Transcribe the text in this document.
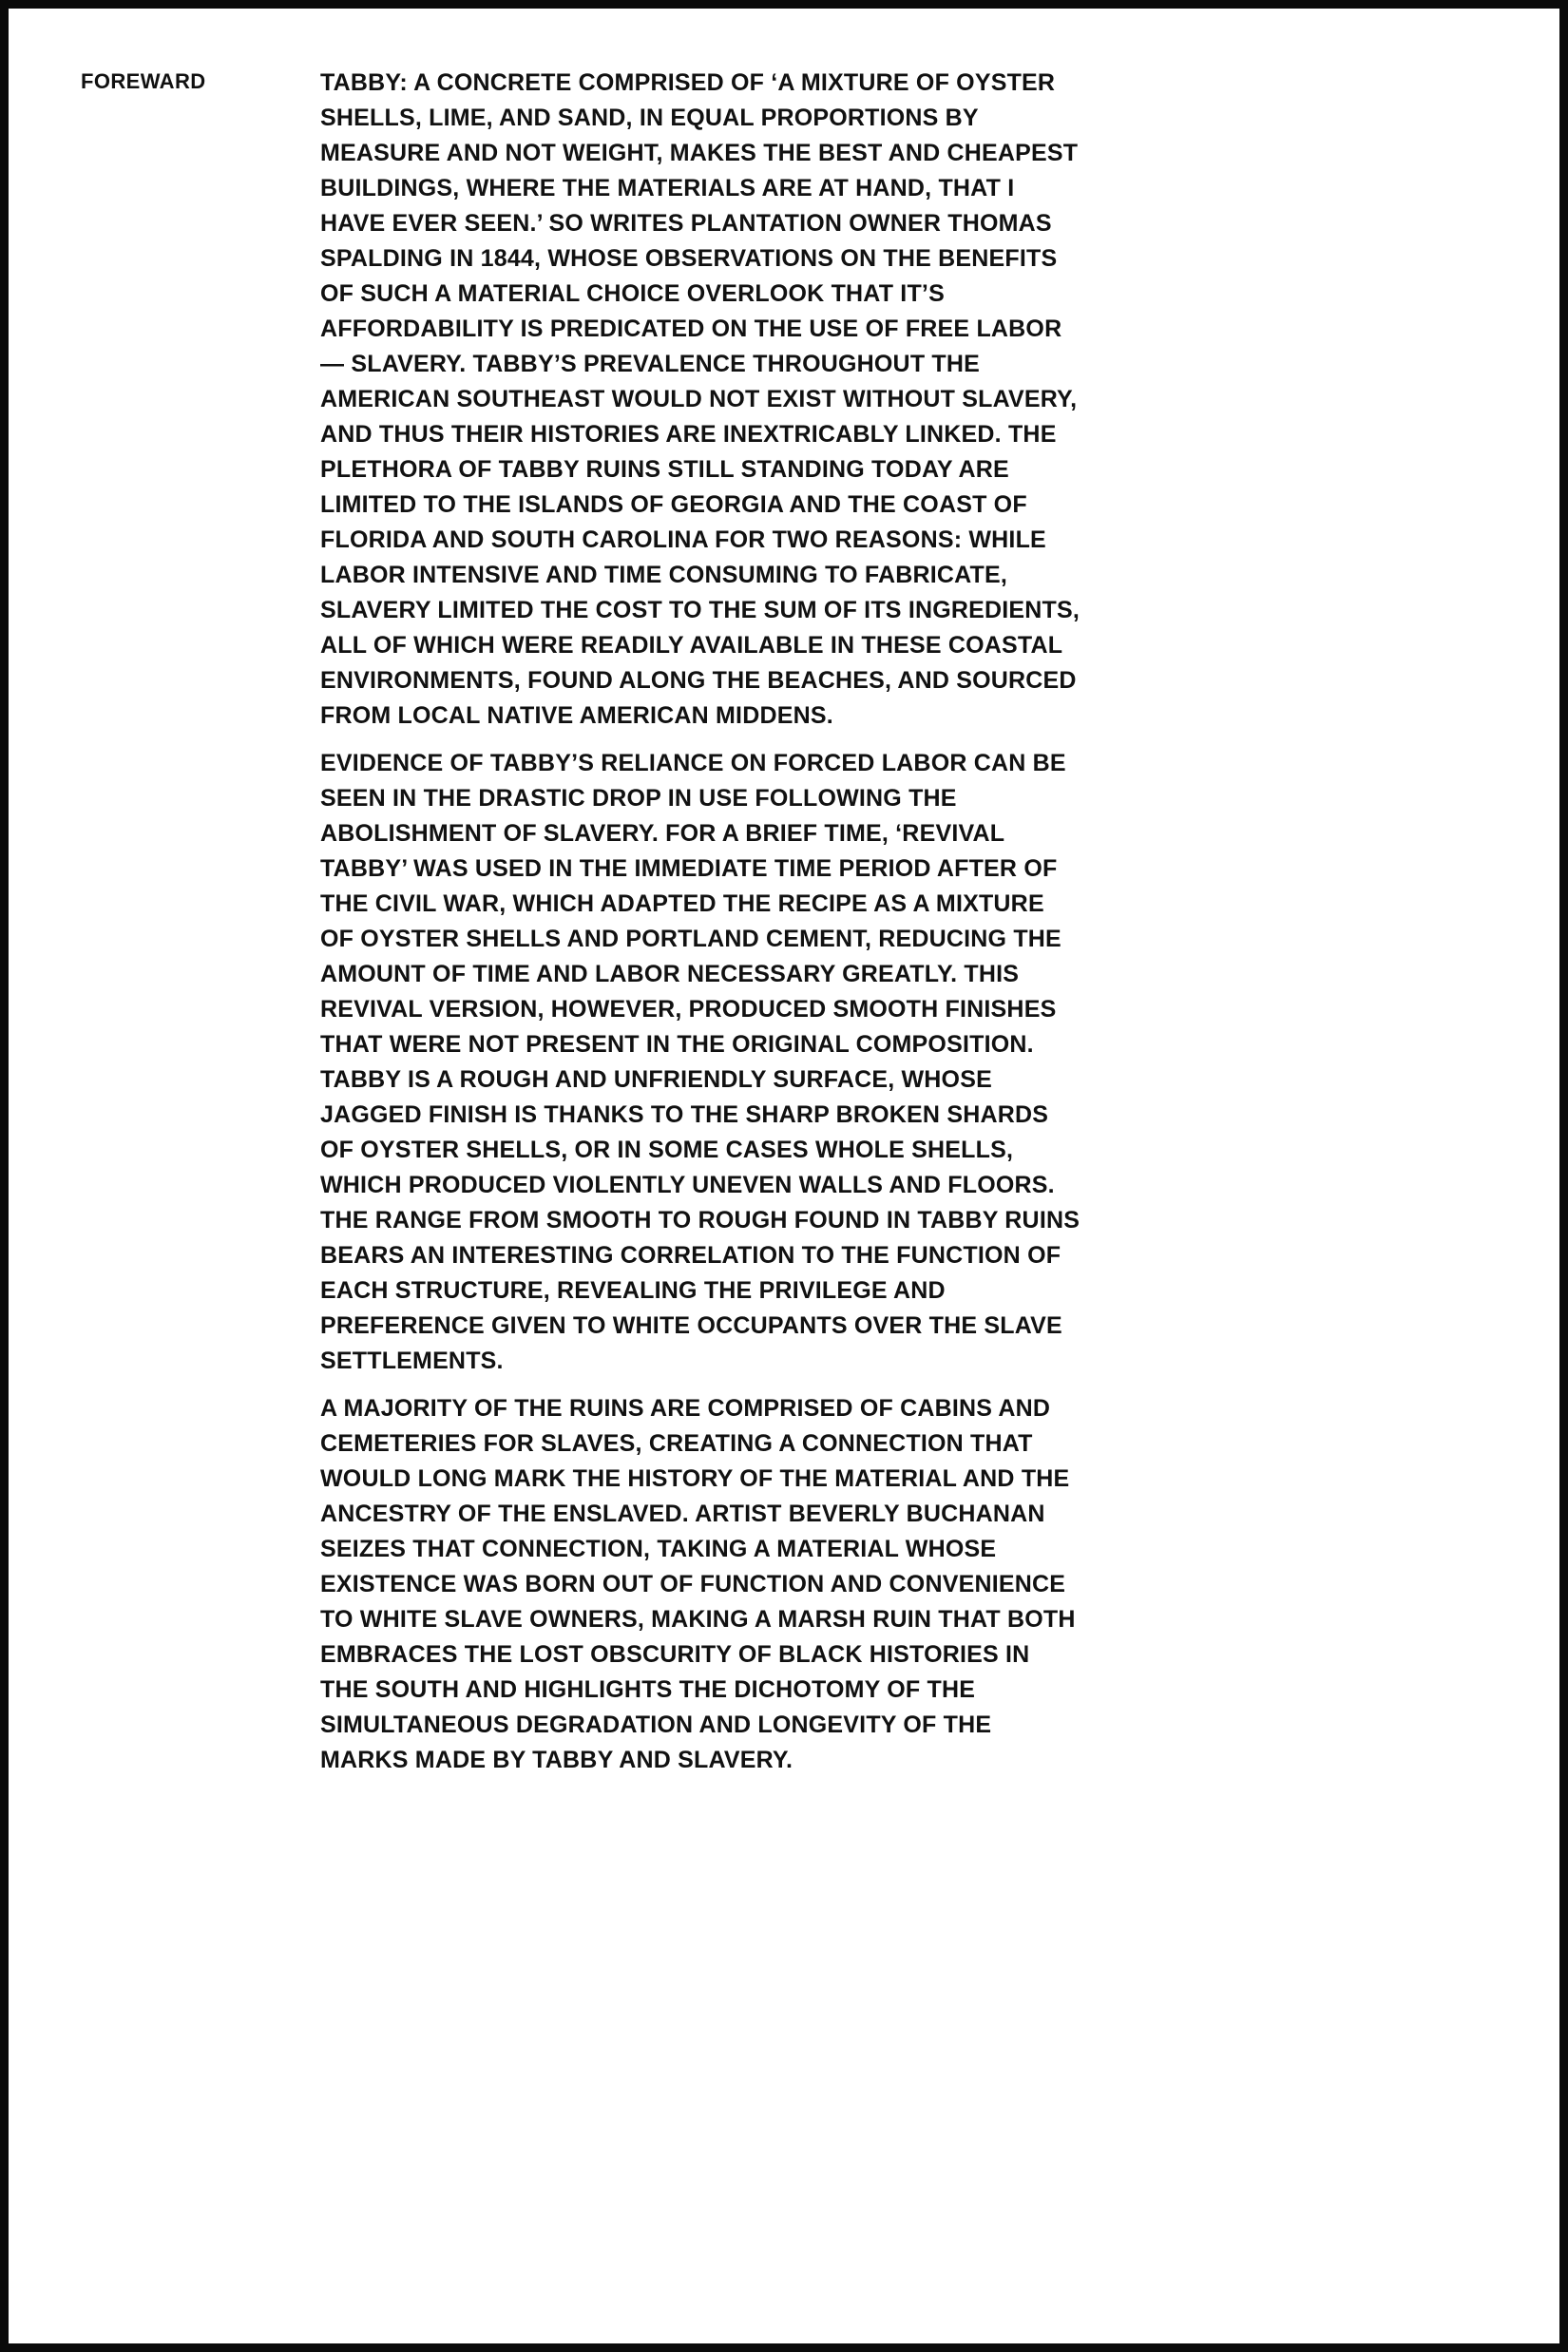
FOREWARD	TABBY: A CONCRETE COMPRISED OF ‘A MIXTURE OF OYSTER SHELLS, LIME, AND SAND, IN EQUAL PROPORTIONS BY MEASURE AND NOT WEIGHT, MAKES THE BEST AND CHEAPEST BUILDINGS, WHERE THE MATERIALS ARE AT HAND, THAT I HAVE EVER SEEN.’ SO WRITES PLANTATION OWNER THOMAS SPALDING IN 1844, WHOSE OBSERVATIONS ON THE BENEFITS OF SUCH A MATERIAL CHOICE OVERLOOK THAT IT’S AFFORDABILITY IS PREDICATED ON THE USE OF FREE LABOR — SLAVERY. TABBY’S PREVALENCE THROUGHOUT THE AMERICAN SOUTHEAST WOULD NOT EXIST WITHOUT SLAVERY, AND THUS THEIR HISTORIES ARE INEXTRICABLY LINKED. THE PLETHORA OF TABBY RUINS STILL STANDING TODAY ARE LIMITED TO THE ISLANDS OF GEORGIA AND THE COAST OF FLORIDA AND SOUTH CAROLINA FOR TWO REASONS: WHILE LABOR INTENSIVE AND TIME CONSUMING TO FABRICATE, SLAVERY LIMITED THE COST TO THE SUM OF ITS INGREDIENTS, ALL OF WHICH WERE READILY AVAILABLE IN THESE COASTAL ENVIRONMENTS, FOUND ALONG THE BEACHES, AND SOURCED FROM LOCAL NATIVE AMERICAN MIDDENS.

EVIDENCE OF TABBY’S RELIANCE ON FORCED LABOR CAN BE SEEN IN THE DRASTIC DROP IN USE FOLLOWING THE ABOLISHMENT OF SLAVERY. FOR A BRIEF TIME, ‘REVIVAL TABBY’ WAS USED IN THE IMMEDIATE TIME PERIOD AFTER OF THE CIVIL WAR, WHICH ADAPTED THE RECIPE AS A MIXTURE OF OYSTER SHELLS AND PORTLAND CEMENT, REDUCING THE AMOUNT OF TIME AND LABOR NECESSARY GREATLY. THIS REVIVAL VERSION, HOWEVER, PRODUCED SMOOTH FINISHES THAT WERE NOT PRESENT IN THE ORIGINAL COMPOSITION. TABBY IS A ROUGH AND UNFRIENDLY SURFACE, WHOSE JAGGED FINISH IS THANKS TO THE SHARP BROKEN SHARDS OF OYSTER SHELLS, OR IN SOME CASES WHOLE SHELLS, WHICH PRODUCED VIOLENTLY UNEVEN WALLS AND FLOORS. THE RANGE FROM SMOOTH TO ROUGH FOUND IN TABBY RUINS BEARS AN INTERESTING CORRELATION TO THE FUNCTION OF EACH STRUCTURE, REVEALING THE PRIVILEGE AND PREFERENCE GIVEN TO WHITE OCCUPANTS OVER THE SLAVE SETTLEMENTS.

A MAJORITY OF THE RUINS ARE COMPRISED OF CABINS AND CEMETERIES FOR SLAVES, CREATING A CONNECTION THAT WOULD LONG MARK THE HISTORY OF THE MATERIAL AND THE ANCESTRY OF THE ENSLAVED. ARTIST BEVERLY BUCHANAN SEIZES THAT CONNECTION, TAKING A MATERIAL WHOSE EXISTENCE WAS BORN OUT OF FUNCTION AND CONVENIENCE TO WHITE SLAVE OWNERS, MAKING A MARSH RUIN THAT BOTH EMBRACES THE LOST OBSCURITY OF BLACK HISTORIES IN THE SOUTH AND HIGHLIGHTS THE DICHOTOMY OF THE SIMULTANEOUS DEGRADATION AND LONGEVITY OF THE MARKS MADE BY TABBY AND SLAVERY.
